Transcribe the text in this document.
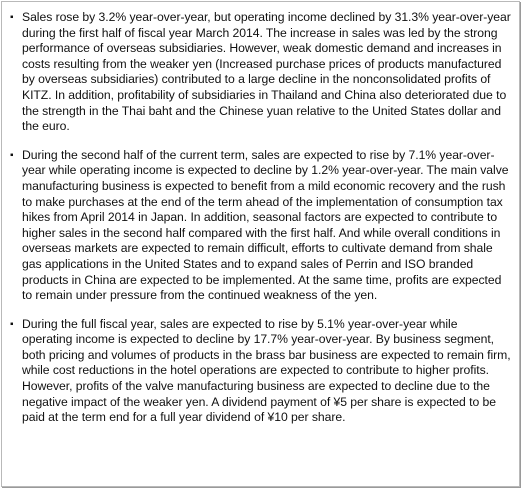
▪ Sales rose by 3.2% year-over-year, but operating income declined by 31.3% year-over-year during the first half of fiscal year March 2014. The increase in sales was led by the strong performance of overseas subsidiaries. However, weak domestic demand and increases in costs resulting from the weaker yen (Increased purchase prices of products manufactured by overseas subsidiaries) contributed to a large decline in the nonconsolidated profits of KITZ. In addition, profitability of subsidiaries in Thailand and China also deteriorated due to the strength in the Thai baht and the Chinese yuan relative to the United States dollar and the euro.
▪ During the second half of the current term, sales are expected to rise by 7.1% year-over-year while operating income is expected to decline by 1.2% year-over-year. The main valve manufacturing business is expected to benefit from a mild economic recovery and the rush to make purchases at the end of the term ahead of the implementation of consumption tax hikes from April 2014 in Japan. In addition, seasonal factors are expected to contribute to higher sales in the second half compared with the first half. And while overall conditions in overseas markets are expected to remain difficult, efforts to cultivate demand from shale gas applications in the United States and to expand sales of Perrin and ISO branded products in China are expected to be implemented. At the same time, profits are expected to remain under pressure from the continued weakness of the yen.
▪ During the full fiscal year, sales are expected to rise by 5.1% year-over-year while operating income is expected to decline by 17.7% year-over-year. By business segment, both pricing and volumes of products in the brass bar business are expected to remain firm, while cost reductions in the hotel operations are expected to contribute to higher profits. However, profits of the valve manufacturing business are expected to decline due to the negative impact of the weaker yen. A dividend payment of ¥5 per share is expected to be paid at the term end for a full year dividend of ¥10 per share.
